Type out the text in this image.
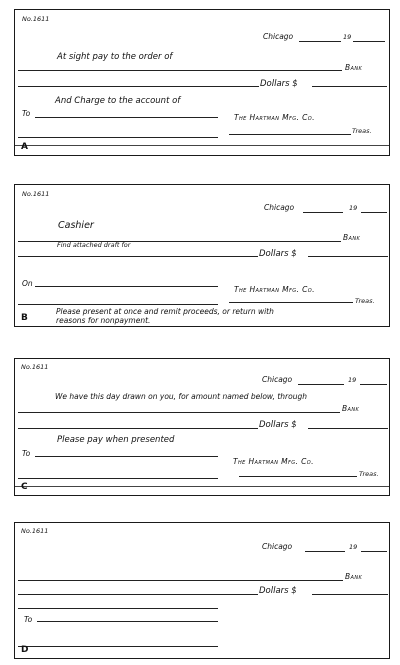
No.1611
Chicago	19
At sight pay to the order of
Bank
Dollars $
And Charge to the account of
To	The Hartman Mfg. Co.
Treas.
A
No.1611
Chicago	19
Cashier
Bank
Find attached draft for
Dollars $
On
The Hartman Mfg. Co.
Treas.
Please present at once and remit proceeds, or return with
reasons for nonpayment.
B
No.1611
Chicago	19
We have this day drawn on you, for amount named below, through
Bank
Dollars $
Please pay when presented
To
The Hartman Mfg. Co.
Treas.
C
No.1611
Chicago	19
Bank
Dollars $
To
D
